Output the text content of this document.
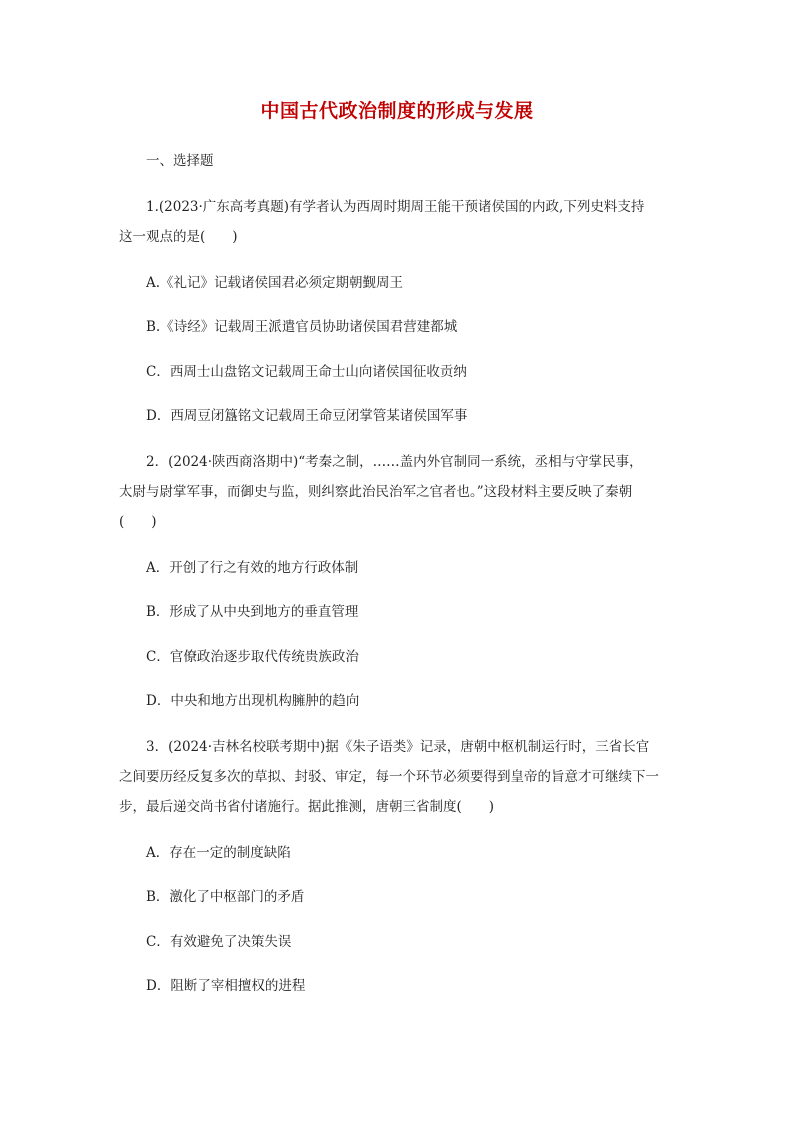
中国古代政治制度的形成与发展
一、选择题
1.(2023·广东高考真题)有学者认为西周时期周王能干预诸侯国的内政,下列史料支持
这一观点的是(　　)
A.《礼记》记载诸侯国君必须定期朝觐周王
B.《诗经》记载周王派遣官员协助诸侯国君营建都城
C．西周士山盘铭文记载周王命士山向诸侯国征收贡纳
D．西周豆闭簋铭文记载周王命豆闭掌管某诸侯国军事
2．(2024·陕西商洛期中)“考秦之制，……盖内外官制同一系统，丞相与守掌民事，
太尉与尉掌军事，而御史与监，则纠察此治民治军之官者也。”这段材料主要反映了秦朝
(　　)
A．开创了行之有效的地方行政体制
B．形成了从中央到地方的垂直管理
C．官僚政治逐步取代传统贵族政治
D．中央和地方出现机构臃肿的趋向
3．(2024·吉林名校联考期中)据《朱子语类》记录，唐朝中枢机制运行时，三省长官
之间要历经反复多次的草拟、封驳、审定，每一个环节必须要得到皇帝的旨意才可继续下一
步，最后递交尚书省付诸施行。据此推测，唐朝三省制度(　　)
A．存在一定的制度缺陷
B．激化了中枢部门的矛盾
C．有效避免了决策失误
D．阻断了宰相擅权的进程
